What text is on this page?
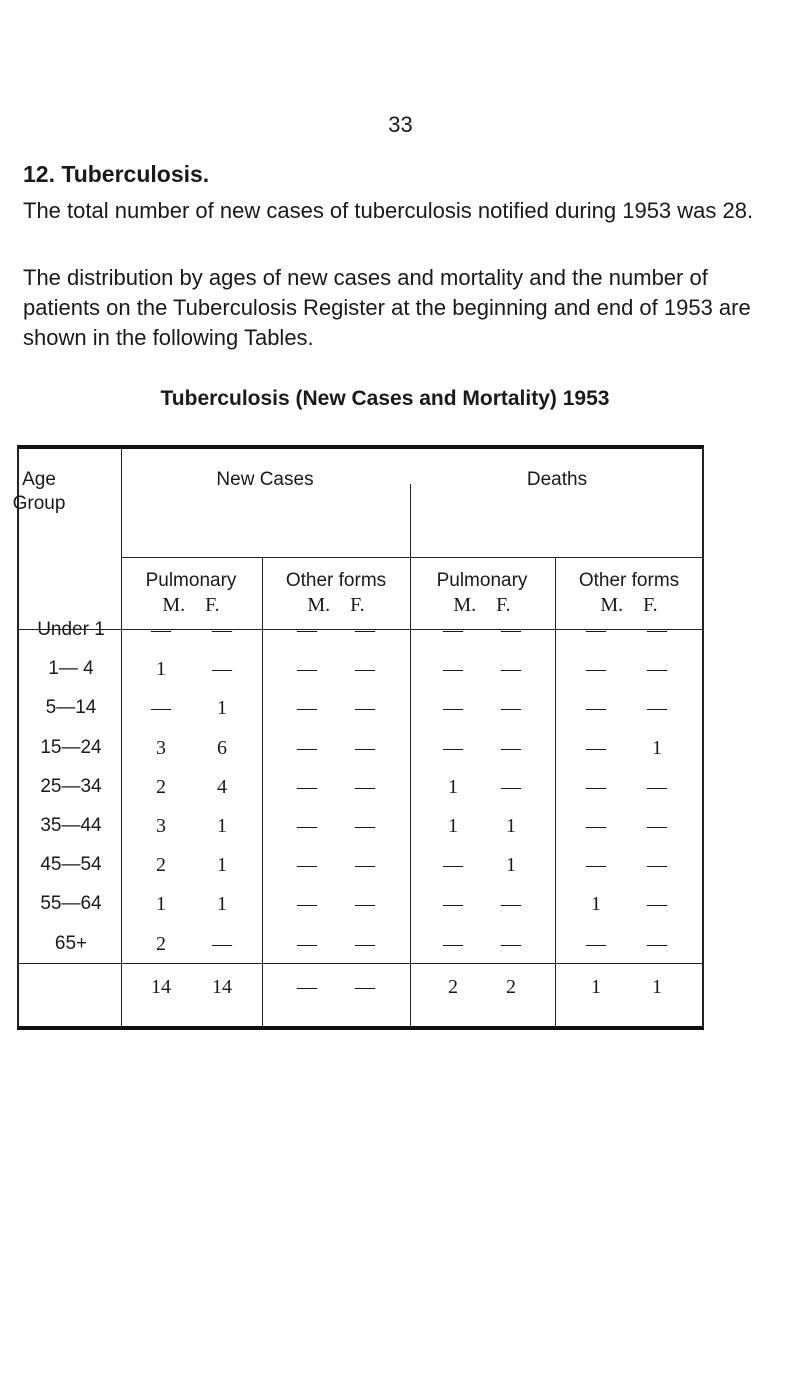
33
12. Tuberculosis.
The total number of new cases of tuberculosis notified during 1953 was 28.
The distribution by ages of new cases and mortality and the number of patients on the Tuberculosis Register at the beginning and end of 1953 are shown in the following Tables.
Tuberculosis (New Cases and Mortality) 1953
Age
Group
New Cases	Deaths
Pulmonary
M.    F.
Other forms
M.    F.
Pulmonary
M.    F.
Other forms
M.    F.
Under 1	— —	— —	— —	— —
1— 4	1	—	— —	— —	— —
5—14	—	1	— —	— —	— —
15—24	3	6	— —	— —	—	1
25—34	2	4	— —	1	—	— —
35—44	3	1	— —	1	1	— —
45—54	2	1	— —	—	1	— —
55—64	1	1	— —	— —	1	—
65+	2	—	— —	— —	— —
14 14	— —	2	2	1	1
